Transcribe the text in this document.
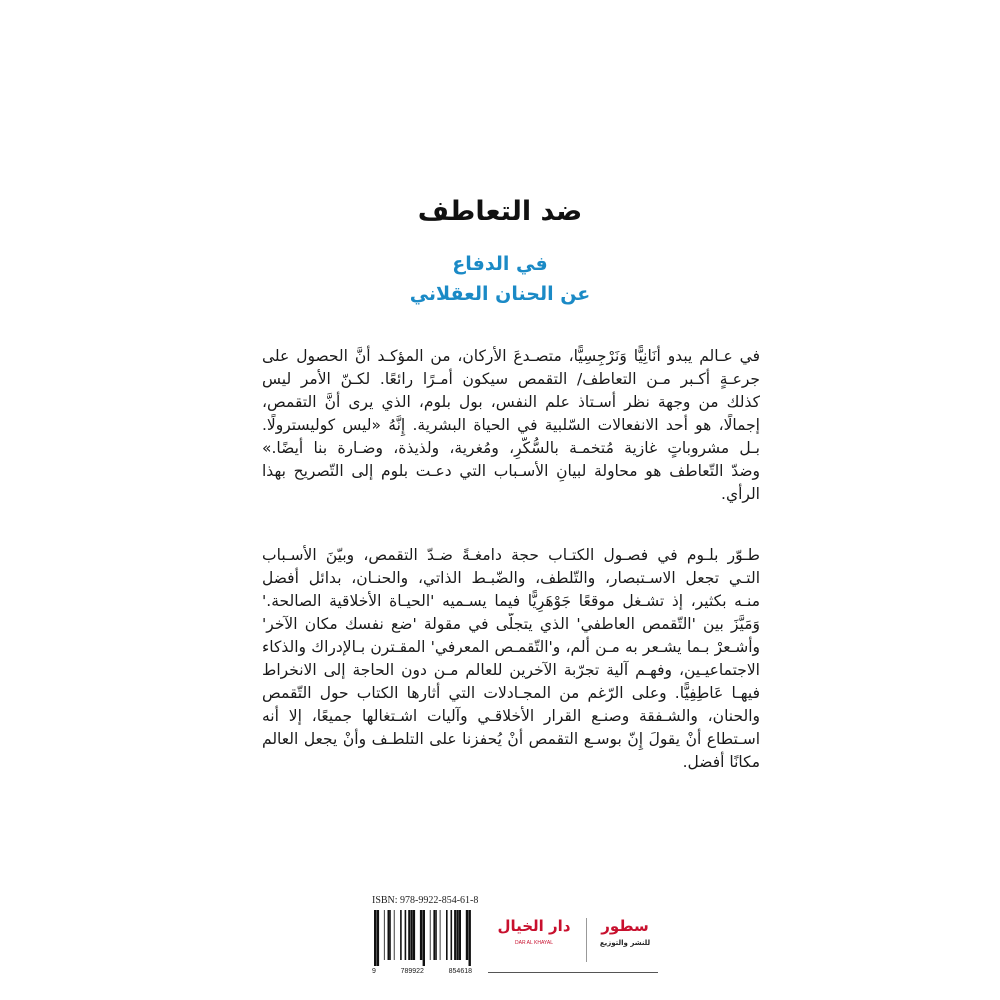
ضد التعاطف
في الدفاع
عن الحنان العقلاني
في عـالم يبدو أَنَانِيًّا وَنَرْجِسِيًّا، متصـدعَ الأركان، من المؤكـد أَنَّ الحصول على
جرعـةٍ أكـبر مـن التعاطف/ التقمص سيكون أمـرًا رائعًا. لكـنّ الأمر ليس
كذلك من وجهة نظر أسـتاذ علم النفس، بول بلوم، الذي يرى أَنَّ التقمص،
إجمالًا، هو أحد الانفعالات السّلبية في الحياة البشرية. إِنَّهُ «ليس كوليسترولًا.
بـل مشروباتٍ غازية مُتخمـة بالسُّكَّرِ، ومُغرية، ولذيذة، وضـارة بنا أيضًا.»
وضدّ التّعاطف هو محاولة لبيانِ الأسـباب التي دعـت بلوم إلى التّصريح بهذا
الرأي.
طـوّر بلـوم في فصـول الكتـاب حجة دامغـةً ضـدّ التقمص، وبيّنَ الأسـباب
التـي تجعل الاسـتبصار، والتّلطف، والضّبـط الذاتي، والحنـان، بدائل أفضل
منـه بكثير، إذ تشـغل موقعًا جَوْهَرِيًّا فيما يسـميه 'الحيـاة الأخلاقية الصالحة.'
وَمَيَّزَ بين 'التّقمص العاطفي' الذي يتجلّى في مقولة 'ضع نفسك مكان الآخر'
وأشـعرْ بـما يشـعر به مـن ألم، و'التّقمـص المعرفي' المقـترن بـالإدراك والذكاء
الاجتماعيـين، وفهـم آلية تجرّبة الآخرين للعالم مـن دون الحاجة إلى الانخراط
فيهـا عَاطِفِيًّا. وعلى الرّغم من المجـادلات التي أثارها الكتاب حول التّقمص
والحنان، والشـفقة وصنـع القرار الأخلاقـي وآليات اشـتغالها جميعًا، إلا أنه
اسـتطاع أنْ يقولَ إِنّ بوسـع التقمص أنْ يُحفزنا على التلطـف وأنْ يجعل العالم
مكانًا أفضل.
ISBN: 978-9922-854-61-8
9	789922	854618
دار الخيال
DAR AL KHAYAL
سطور
للنشر والتوزيع
